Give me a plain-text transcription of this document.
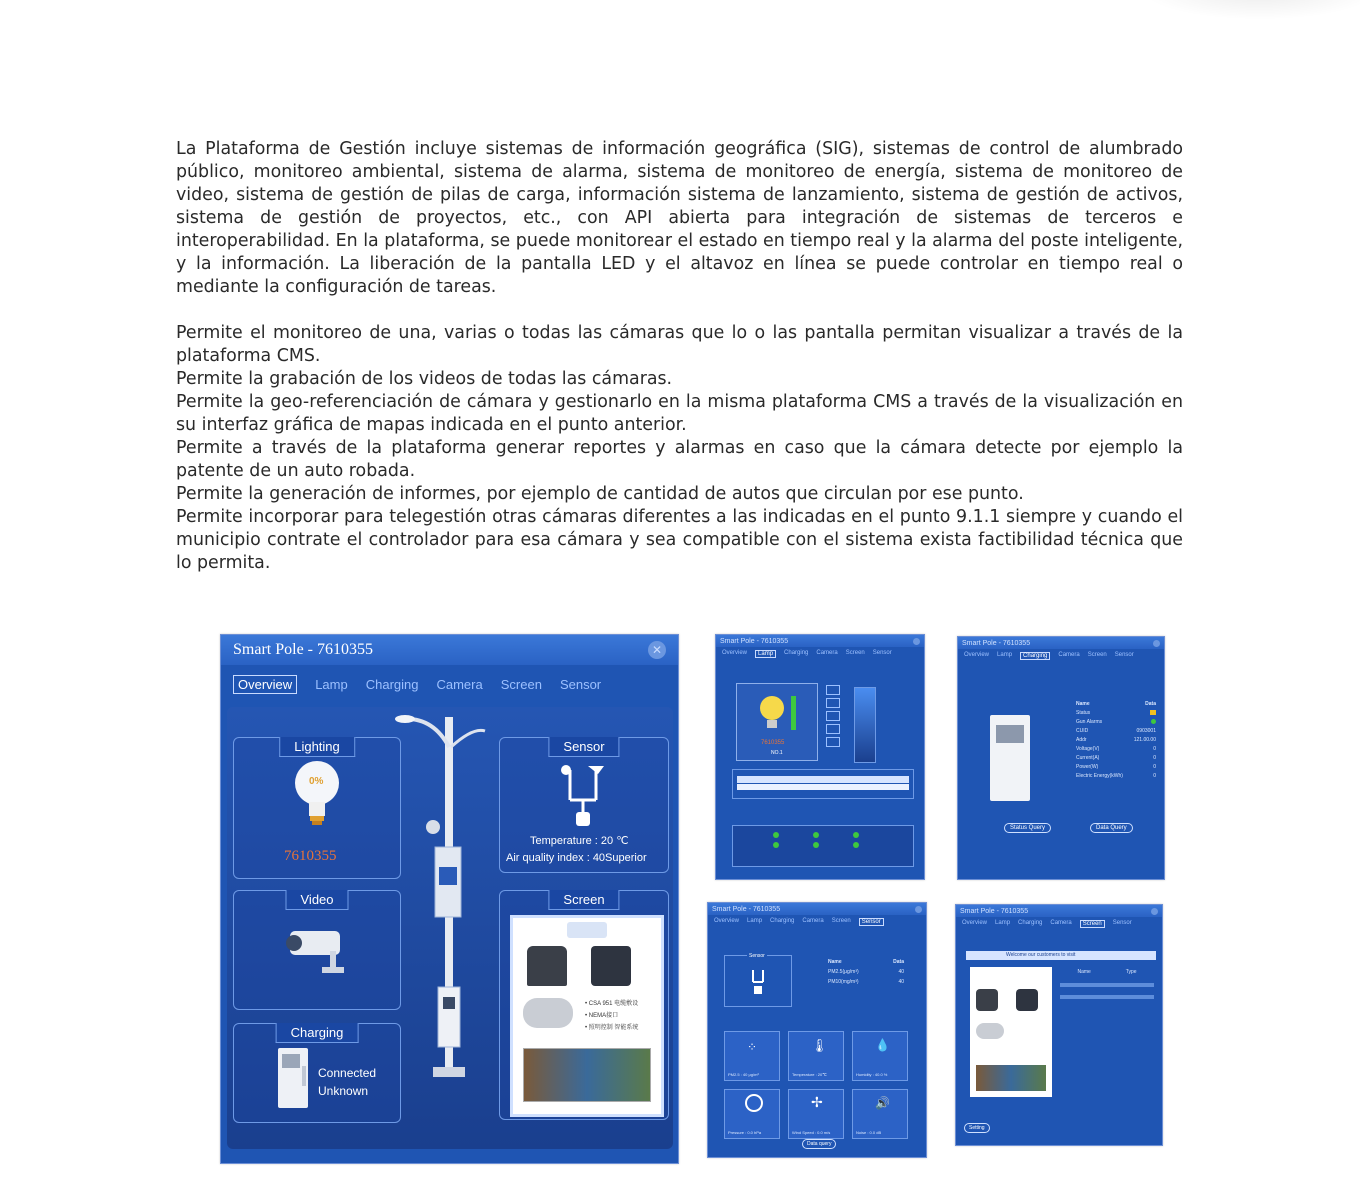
La Plataforma de Gestión incluye sistemas de información geográfica (SIG), sistemas de control de alumbrado público, monitoreo ambiental, sistema de alarma, sistema de monitoreo de energía, sistema de monitoreo de video, sistema de gestión de pilas de carga, información sistema de lanzamiento, sistema de gestión de activos, sistema de gestión de proyectos, etc., con API abierta para integración de sistemas de terceros e interoperabilidad. En la plataforma, se puede monitorear el estado en tiempo real y la alarma del poste inteligente, y la información. La liberación de la pantalla LED y el altavoz en línea se puede controlar en tiempo real o mediante la configuración de tareas.

Permite el monitoreo de una, varias o todas las cámaras que lo o las pantalla permitan visualizar a través de la plataforma CMS.

Permite la grabación de los videos de todas las cámaras.

Permite la geo-referenciación de cámara y gestionarlo en la misma plataforma CMS a través de la visualización en su interfaz gráfica de mapas indicada en el punto anterior.

Permite a través de la plataforma generar reportes y alarmas en caso que la cámara detecte por ejemplo la patente de un auto robada.

Permite la generación de informes, por ejemplo de cantidad de autos que circulan por ese punto.

Permite incorporar para telegestión otras cámaras diferentes a las indicadas en el punto 9.1.1 siempre y cuando el municipio contrate el controlador para esa cámara y sea compatible con el sistema exista factibilidad técnica que lo permita.

Smart Pole - 7610355	✕
Overview	Lamp Charging Camera Screen Sensor
Lighting
0%
7610355
Sensor
Temperature : 20 ℃
Air quality index : 40Superior
Video	Screen
• CSA 951 电缆敷设
• NEMA接口
• 照明控制 智能系统
Charging
Connected
Unknown
Smart Pole - 7610355
Overview	Lamp	Charging Camera Screen Sensor
7610355
NO.1
Smart Pole - 7610355
Overview Lamp	Charging	Camera Screen Sensor
Name	Data
Status
Gun Alarms
CUID	0903001
Addr	121.00.00
Voltage(V)	0
Current(A)	0
Power(W)	0
Electric Energy(kWh)	0
Status Query	Data Query
Smart Pole - 7610355
Overview Lamp Charging Camera Screen	Sensor
Sensor
Name	Data
PM2.5(μg/m³)	40
PM10(mg/m³)	40
⁘
PM2.5 : 40 μg/m³
🌡
Temperature : 20℃
💧
Humidity : 40.0 %
Pressure : 0.0 hPa
✢
Wind Speed : 0.0 m/s
🔊
Noise : 0.0 dB
Data query
Smart Pole - 7610355
Overview Lamp Charging Camera	Screen	Sensor
Welcome our customers to visit
Name	Type
Setting
